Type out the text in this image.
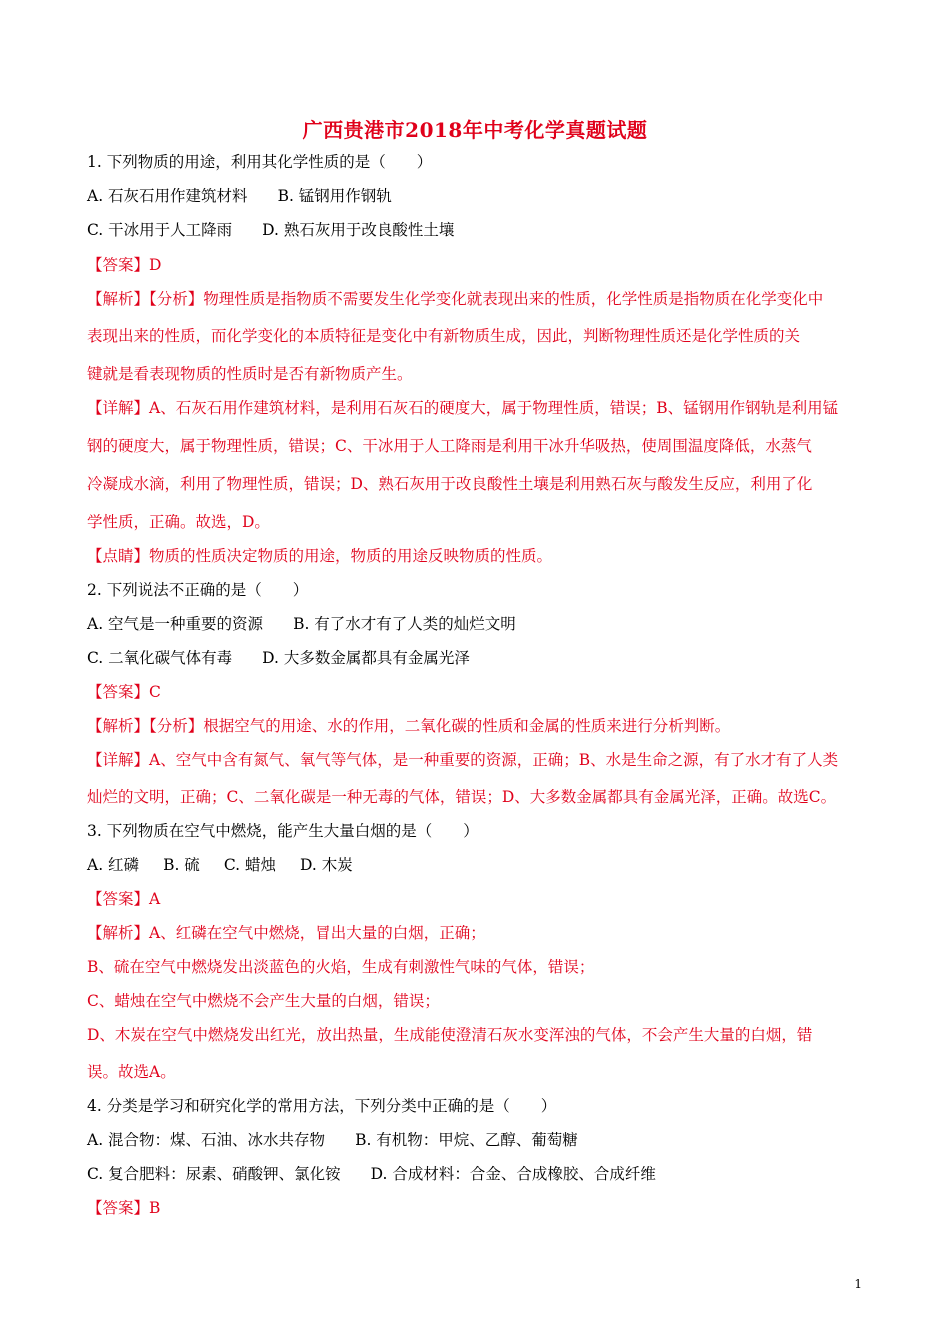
广西贵港市2018年中考化学真题试题
1. 下列物质的用途，利用其化学性质的是（　　）
A. 石灰石用作建筑材料 B. 锰钢用作钢轨
C. 干冰用于人工降雨 D. 熟石灰用于改良酸性土壤
【答案】D
【解析】【分析】物理性质是指物质不需要发生化学变化就表现出来的性质，化学性质是指物质在化学变化中
表现出来的性质，而化学变化的本质特征是变化中有新物质生成，因此，判断物理性质还是化学性质的关
键就是看表现物质的性质时是否有新物质产生。
【详解】A、石灰石用作建筑材料，是利用石灰石的硬度大，属于物理性质，错误；B、锰钢用作钢轨是利用锰
钢的硬度大，属于物理性质，错误；C、干冰用于人工降雨是利用干冰升华吸热，使周围温度降低，水蒸气
冷凝成水滴，利用了物理性质，错误；D、熟石灰用于改良酸性土壤是利用熟石灰与酸发生反应，利用了化
学性质，正确。故选，D。
【点睛】物质的性质决定物质的用途，物质的用途反映物质的性质。
2. 下列说法不正确的是（　　）
A. 空气是一种重要的资源 B. 有了水才有了人类的灿烂文明
C. 二氧化碳气体有毒 D. 大多数金属都具有金属光泽
【答案】C
【解析】【分析】根据空气的用途、水的作用，二氧化碳的性质和金属的性质来进行分析判断。
【详解】A、空气中含有氮气、氧气等气体，是一种重要的资源，正确；B、水是生命之源，有了水才有了人类
灿烂的文明，正确；C、二氧化碳是一种无毒的气体，错误；D、大多数金属都具有金属光泽，正确。故选C。
3. 下列物质在空气中燃烧，能产生大量白烟的是（　　）
A. 红磷 B. 硫 C. 蜡烛 D. 木炭
【答案】A
【解析】A、红磷在空气中燃烧，冒出大量的白烟，正确；
B、硫在空气中燃烧发出淡蓝色的火焰，生成有刺激性气味的气体，错误；
C、蜡烛在空气中燃烧不会产生大量的白烟，错误；
D、木炭在空气中燃烧发出红光，放出热量，生成能使澄清石灰水变浑浊的气体，不会产生大量的白烟，错
误。故选A。
4. 分类是学习和研究化学的常用方法，下列分类中正确的是（　　）
A. 混合物：煤、石油、冰水共存物 B. 有机物：甲烷、乙醇、葡萄糖
C. 复合肥料：尿素、硝酸钾、氯化铵 D. 合成材料：合金、合成橡胶、合成纤维
【答案】B
1
